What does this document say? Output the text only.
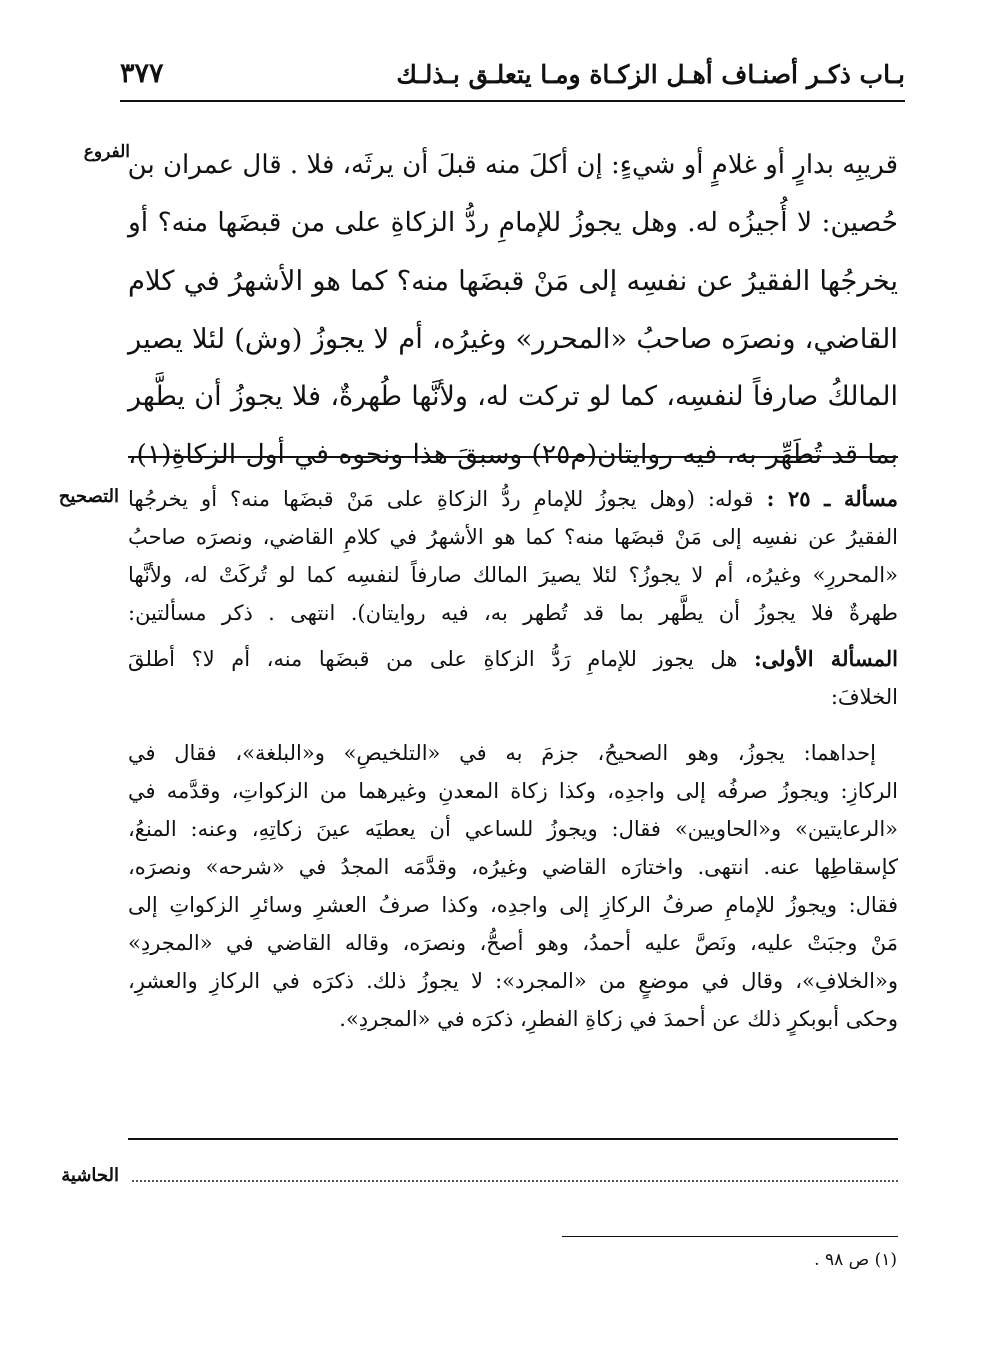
بـاب ذكـر أصنـاف أهـل الزكـاة ومـا يتعلـق بـذلـك
٣٧٧
الفروع
قريبِه بدارٍ أو غلامٍ أو شيءٍ: إن أكلَ منه قبلَ أن يرثَه، فلا . قال عمران بن
حُصين: لا أُجيزُه له. وهل يجوزُ للإمامِ ردُّ الزكاةِ على من قبضَها منه؟ أو
يخرجُها الفقيرُ عن نفسِه إلى مَنْ قبضَها منه؟ كما هو الأشهرُ في كلام
القاضي، ونصرَه صاحبُ «المحرر» وغيرُه، أم لا يجوزُ (وش) لئلا يصير
المالكُ صارفاً لنفسِه، كما لو تركت له، ولأنَّها طُهرةٌ، فلا يجوزُ أن يطَّهر
بما قد تُطَهِّر به، فيه روايتان(م٢٥) وسبقَ هذا ونحوه في أول الزكاةِ(١)،
التصحيح	مسألة ـ ٢٥ : قوله: (وهل يجوزُ للإمامِ ردُّ الزكاةِ على مَنْ قبضَها منه؟ أو يخرجُها
الفقيرُ عن نفسِه إلى مَنْ قبضَها منه؟ كما هو الأشهرُ في كلامِ القاضي، ونصرَه صاحبُ
«المحررِ» وغيرُه، أم لا يجوزُ؟ لئلا يصيرَ المالك صارفاً لنفسِه كما لو تُركَتْ له، ولأنَّها
طهرةٌ فلا يجوزُ أن يطَّهر بما قد تُطهر به، فيه روايتان). انتهى . ذكر مسألتين:
المسألة الأولى: هل يجوز للإمامِ رَدُّ الزكاةِ على من قبضَها منه، أم لا؟ أطلقَ
الخلافَ:
إحداهما: يجوزُ، وهو الصحيحُ، جزمَ به في «التلخيصِ» و«البلغة»، فقال في
الركازِ: ويجوزُ صرفُه إلى واجدِه، وكذا زكاة المعدنِ وغيرهما من الزكواتِ، وقدَّمه في
«الرعايتين» و«الحاويين» فقال: ويجوزُ للساعي أن يعطيَه عينَ زكاتِهِ، وعنه: المنعُ،
كإسقاطِها عنه. انتهى. واختارَه القاضي وغيرُه، وقدَّمَه المجدُ في «شرحه» ونصرَه،
فقال: ويجوزُ للإمامِ صرفُ الركازِ إلى واجدِه، وكذا صرفُ العشرِ وسائرِ الزكواتِ إلى
مَنْ وجبَتْ عليه، ونَصَّ عليه أحمدُ، وهو أصحُّ، ونصرَه، وقاله القاضي في «المجردِ»
و«الخلافِ»، وقال في موضعٍ من «المجرد»: لا يجوزُ ذلك. ذكرَه في الركازِ والعشرِ،
وحكى أبوبكرٍ ذلك عن أحمدَ في زكاةِ الفطرِ، ذكرَه في «المجردِ».
الحاشية
(١) ص ٩٨ .
